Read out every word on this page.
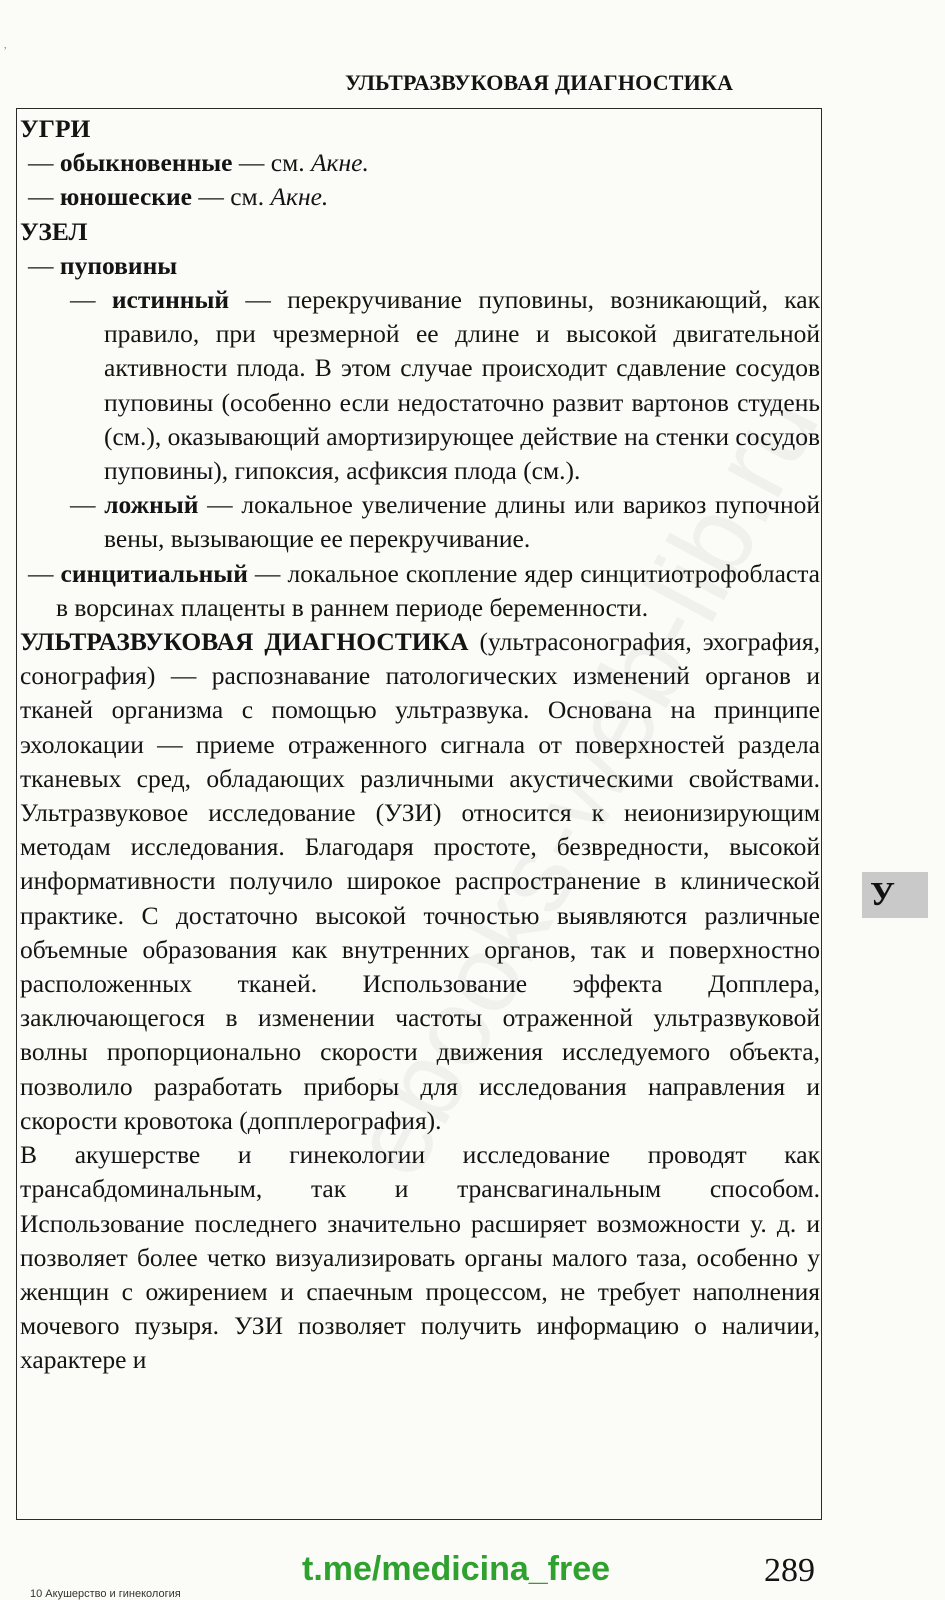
,
УЛЬТРАЗВУКОВАЯ ДИАГНОСТИКА

УГРИ

— обыкновенные — см. Акне.

— юношеские — см. Акне.

УЗЕЛ

— пуповины

— истинный — перекручивание пуповины, возникающий, как правило, при чрезмерной ее длине и высокой двигательной активности плода. В этом случае происходит сдавление сосудов пуповины (особенно если недостаточно развит вартонов студень (см.), оказывающий амортизирующее действие на стенки сосудов пуповины), гипоксия, асфиксия плода (см.).

— ложный — локальное увеличение длины или варикоз пупочной вены, вызывающие ее перекручивание.

— синцитиальный — локальное скопление ядер синцитиотрофобласта в ворсинах плаценты в раннем периоде беременности.

УЛЬТРАЗВУКОВАЯ ДИАГНОСТИКА (ультрасонография, эхография, сонография) — распознавание патологических изменений органов и тканей организма с помощью ультразвука. Основана на принципе эхолокации — приеме отраженного сигнала от поверхностей раздела тканевых сред, обладающих различными акустическими свойствами. Ультразвуковое исследование (УЗИ) относится к неионизирующим методам исследования. Благодаря простоте, безвредности, высокой информативности получило широкое распространение в клинической практике. С достаточно высокой точностью выявляются различные объемные образования как внутренних органов, так и поверхностно расположенных тканей. Использование эффекта Допплера, заключающегося в изменении частоты отраженной ультразвуковой волны пропорционально скорости движения исследуемого объекта, позволило разработать приборы для исследования направления и скорости кровотока (допплерография).

В акушерстве и гинекологии исследование проводят как трансабдоминальным, так и трансвагинальным способом. Использование последнего значительно расширяет возможности у. д. и позволяет более четко визуализировать органы малого таза, особенно у женщин с ожирением и спаечным процессом, не требует наполнения мочевого пузыря. УЗИ позволяет получить информацию о наличии, характере и

У
10 Акушерство и гинекология
t.me/medicina_free	289
